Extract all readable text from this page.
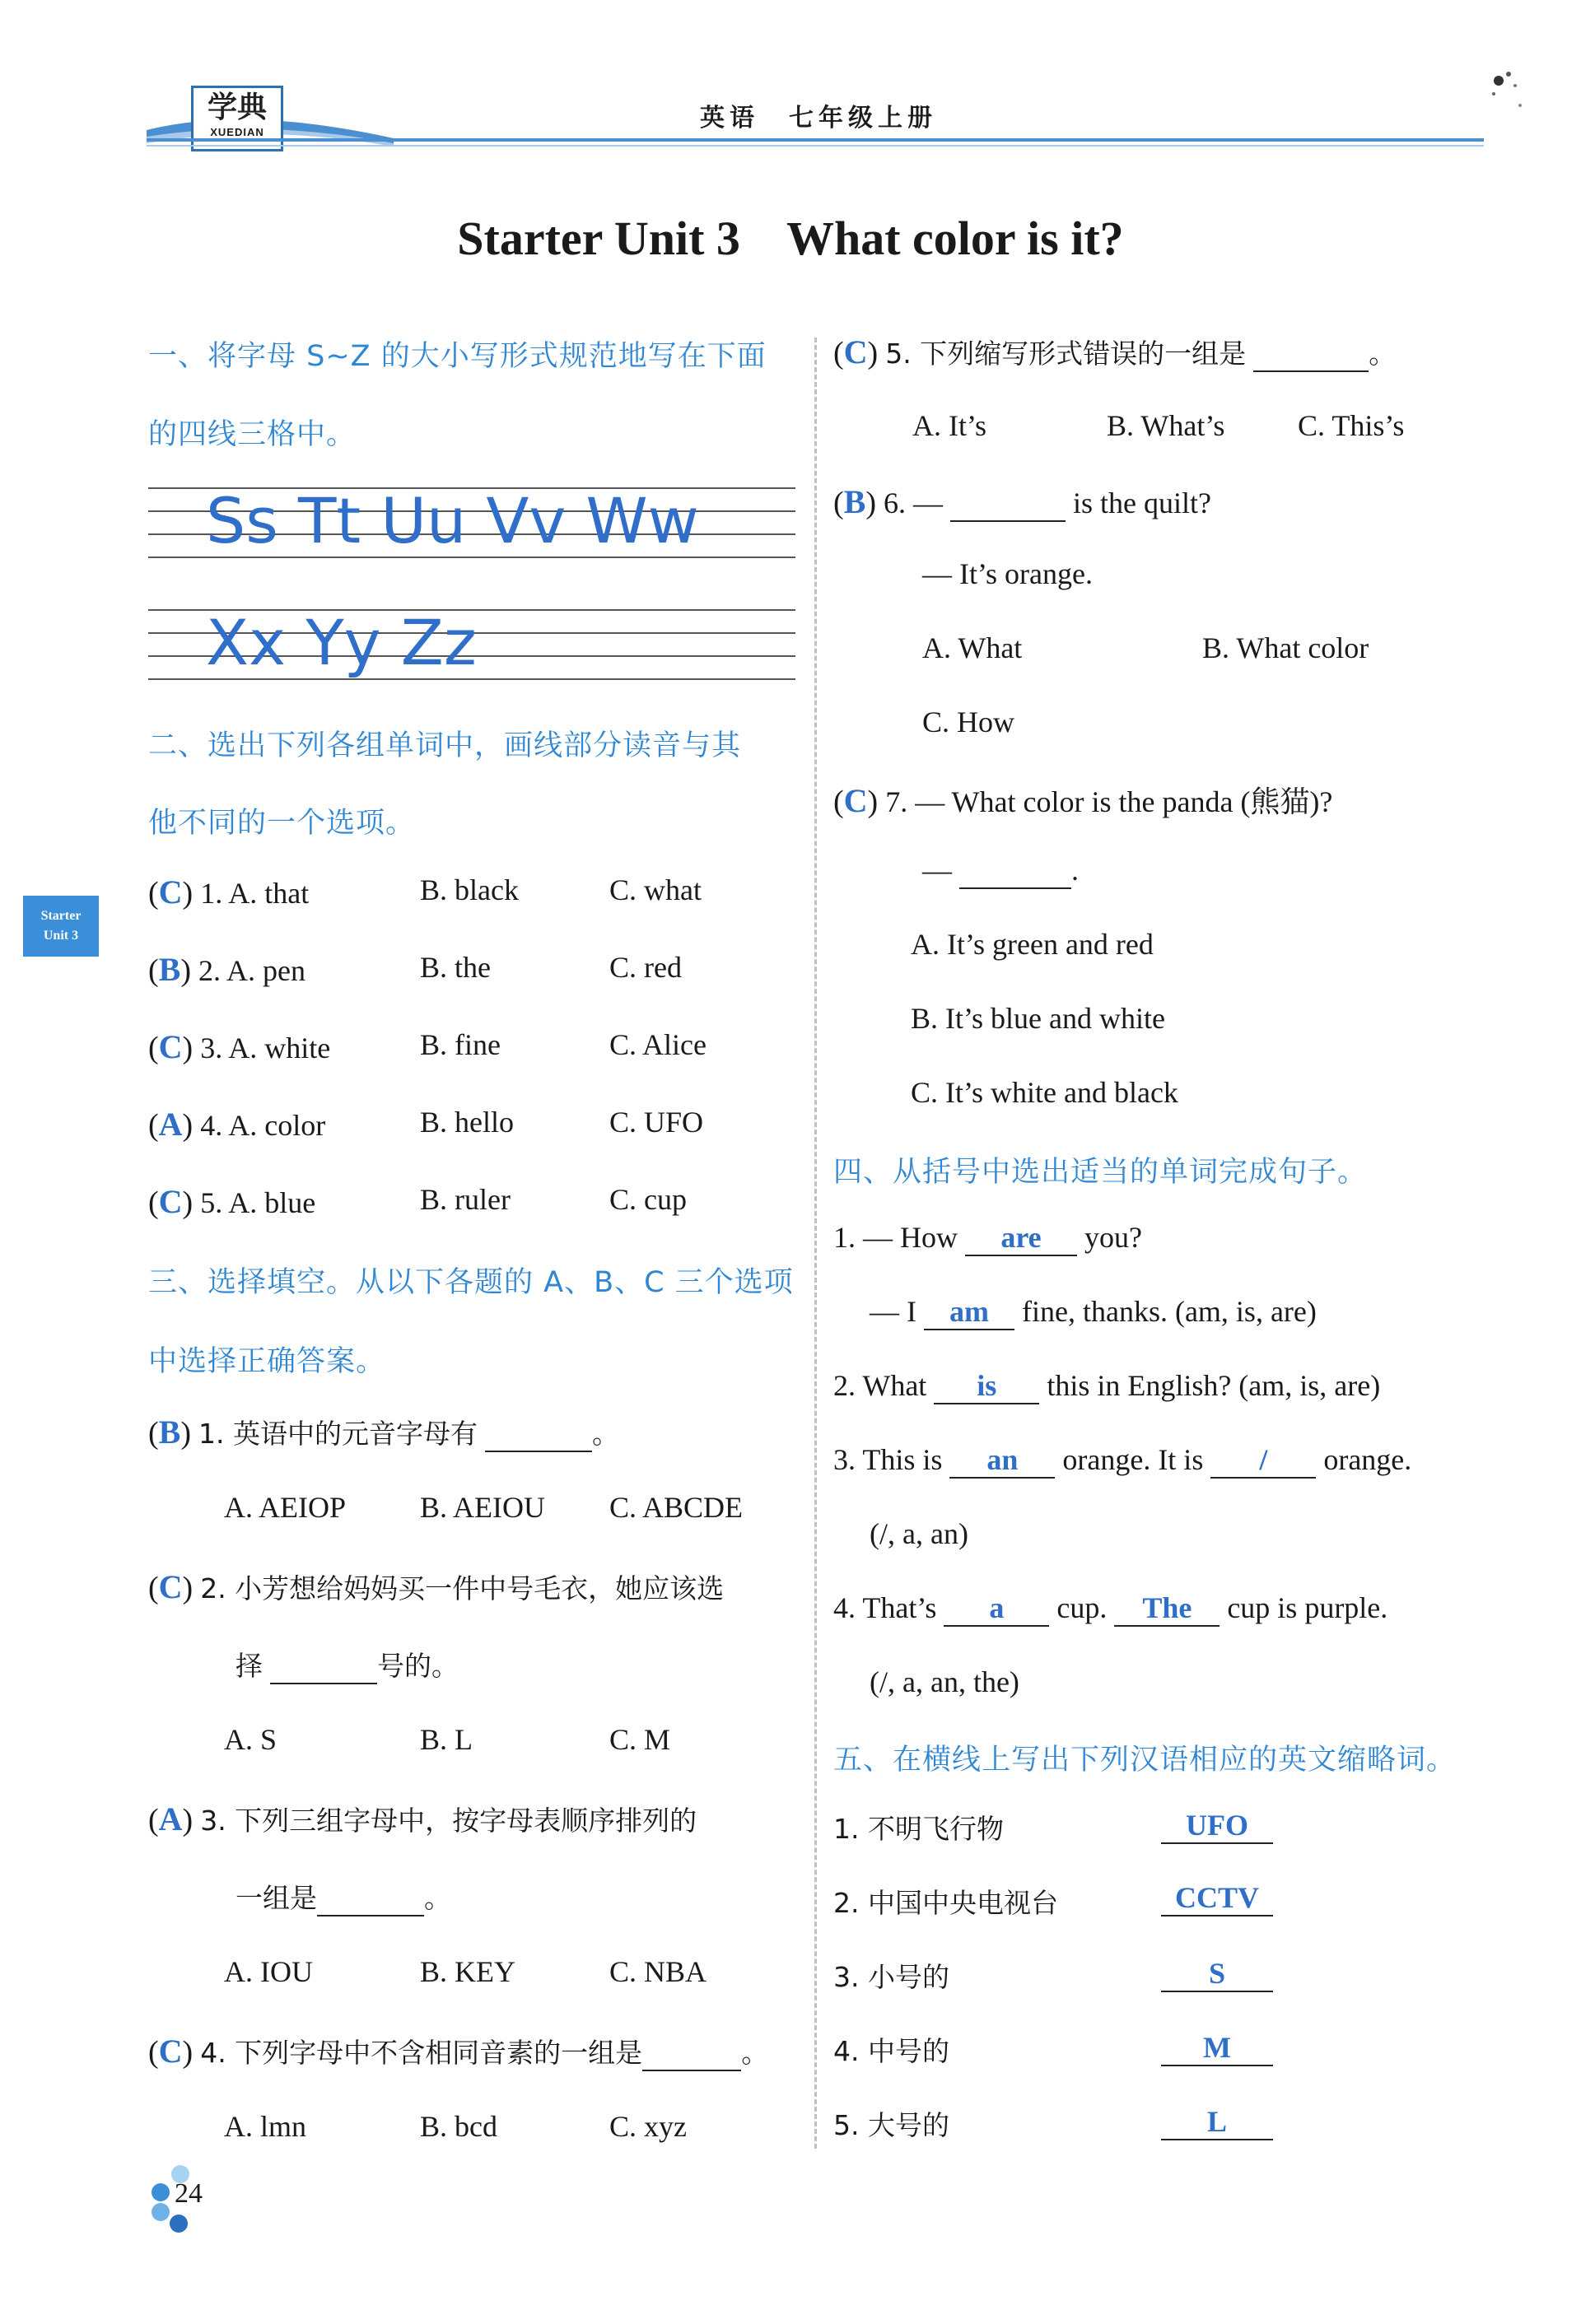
学典
XUEDIAN	英语　七年级上册
Starter Unit 3 What color is it?
Starter
Unit 3
一、将字母 S~Z 的大小写形式规范地写在下面
的四线三格中。
Ss Tt Uu Vv Ww
Xx Yy Zz
二、选出下列各组单词中，画线部分读音与其
他不同的一个选项。
(C) 1. A. that	B. black	C. what
(B) 2. A. pen	B. the	C. red
(C) 3. A. white	B. fine	C. Alice
(A) 4. A. color	B. hello	C. UFO
(C) 5. A. blue	B. ruler	C. cup
三、选择填空。从以下各题的 A、B、C 三个选项
中选择正确答案。
(B) 1. 英语中的元音字母有	。
A. AEIOP B. AEIOU C. ABCDE
(C) 2. 小芳想给妈妈买一件中号毛衣，她应该选
择	号的。
A. S	B. L	C. M
(A) 3. 下列三组字母中，按字母表顺序排列的
一组是	。
A. IOU	B. KEY	C. NBA
(C) 4. 下列字母中不含相同音素的一组是	。
A. lmn	B. bcd	C. xyz
(C) 5. 下列缩写形式错误的一组是	。
A. It’s	B. What’s C. This’s
(B) 6. —	is the quilt?
— It’s orange.
A. What	B. What color
C. How
(C) 7. — What color is the panda (熊猫)?
—	.
A. It’s green and red
B. It’s blue and white
C. It’s white and black
四、从括号中选出适当的单词完成句子。
1. — How are you?
— I am fine, thanks. (am, is, are)
2. What is this in English? (am, is, are)
3. This is an orange. It is / orange.
(/, a, an)
4. That’s a cup. The cup is purple.
(/, a, an, the)
五、在横线上写出下列汉语相应的英文缩略词。
1. 不明飞行物	UFO
2. 中国中央电视台	CCTV
3. 小号的	S
4. 中号的	M
5. 大号的	L
24
